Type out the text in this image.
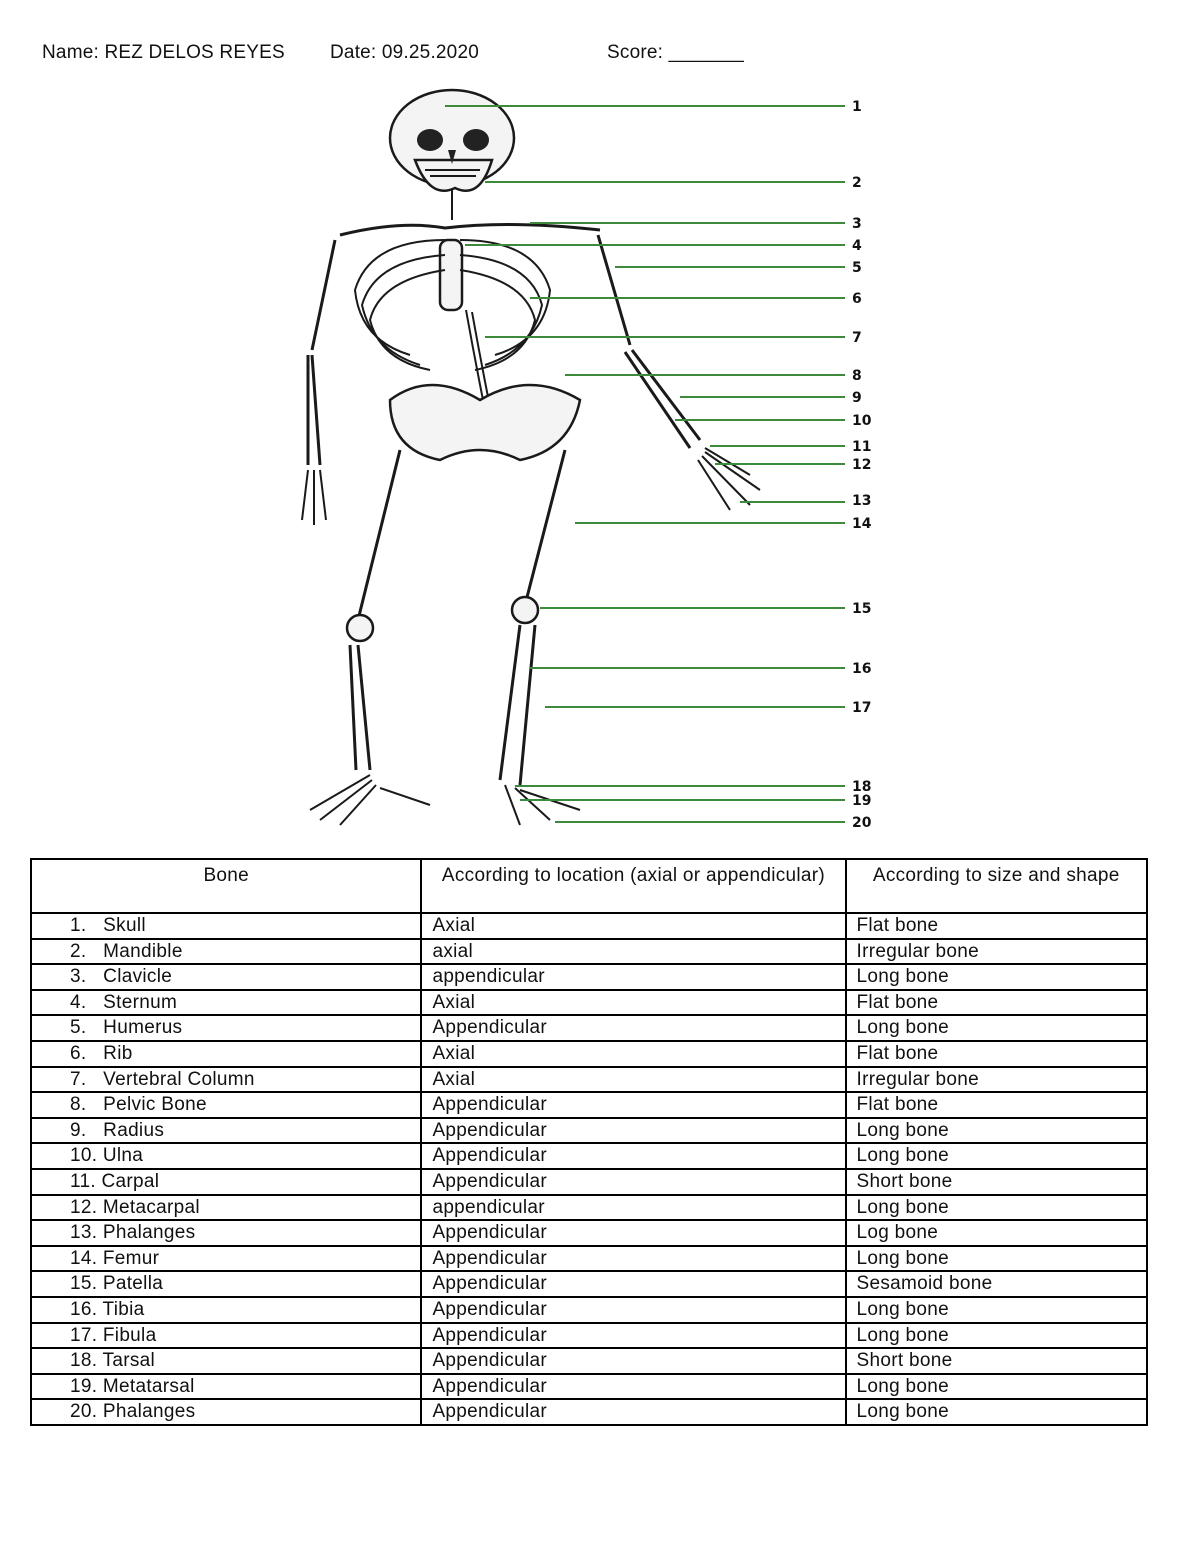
Name: REZ DELOS REYES Date: 09.25.2020	Score: _______
1
2
3
4
5
6
7
8
9
10
11
12
13
14
15
16
17
18
19
20
Bone	According to location (axial or appendicular)	According to size and shape
1.   Skull	Axial	Flat bone
2.   Mandible	axial	Irregular bone
3.   Clavicle	appendicular	Long bone
4.   Sternum	Axial	Flat bone
5.   Humerus	Appendicular	Long bone
6.   Rib	Axial	Flat bone
7.   Vertebral Column	Axial	Irregular bone
8.   Pelvic Bone	Appendicular	Flat bone
9.   Radius	Appendicular	Long bone
10. Ulna	Appendicular	Long bone
11. Carpal	Appendicular	Short bone
12. Metacarpal	appendicular	Long bone
13. Phalanges	Appendicular	Log bone
14. Femur	Appendicular	Long bone
15. Patella	Appendicular	Sesamoid bone
16. Tibia	Appendicular	Long bone
17. Fibula	Appendicular	Long bone
18. Tarsal	Appendicular	Short bone
19. Metatarsal	Appendicular	Long bone
20. Phalanges	Appendicular	Long bone
